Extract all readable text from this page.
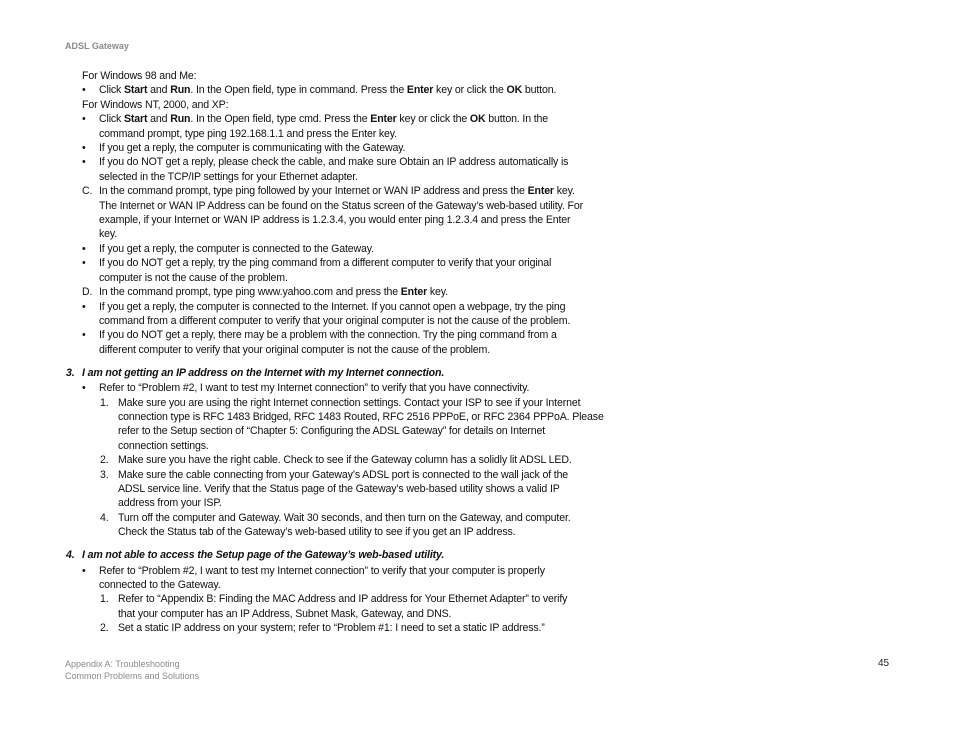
ADSL Gateway
For Windows 98 and Me:
• Click Start and Run. In the Open field, type in command. Press the Enter key or click the OK button.
For Windows NT, 2000, and XP:
• Click Start and Run. In the Open field, type cmd. Press the Enter key or click the OK button. In the
command prompt, type ping 192.168.1.1 and press the Enter key.
• If you get a reply, the computer is communicating with the Gateway.
• If you do NOT get a reply, please check the cable, and make sure Obtain an IP address automatically is
selected in the TCP/IP settings for your Ethernet adapter.
C. In the command prompt, type ping followed by your Internet or WAN IP address and press the Enter key.
The Internet or WAN IP Address can be found on the Status screen of the Gateway’s web-based utility. For
example, if your Internet or WAN IP address is 1.2.3.4, you would enter ping 1.2.3.4 and press the Enter
key.
• If you get a reply, the computer is connected to the Gateway.
• If you do NOT get a reply, try the ping command from a different computer to verify that your original
computer is not the cause of the problem.
D. In the command prompt, type ping www.yahoo.com and press the Enter key.
• If you get a reply, the computer is connected to the Internet. If you cannot open a webpage, try the ping
command from a different computer to verify that your original computer is not the cause of the problem.
• If you do NOT get a reply, there may be a problem with the connection. Try the ping command from a
different computer to verify that your original computer is not the cause of the problem.
3. I am not getting an IP address on the Internet with my Internet connection.
• Refer to “Problem #2, I want to test my Internet connection” to verify that you have connectivity.
1. Make sure you are using the right Internet connection settings. Contact your ISP to see if your Internet
connection type is RFC 1483 Bridged, RFC 1483 Routed, RFC 2516 PPPoE, or RFC 2364 PPPoA. Please
refer to the Setup section of “Chapter 5: Configuring the ADSL Gateway” for details on Internet
connection settings.
2. Make sure you have the right cable. Check to see if the Gateway column has a solidly lit ADSL LED.
3. Make sure the cable connecting from your Gateway’s ADSL port is connected to the wall jack of the
ADSL service line. Verify that the Status page of the Gateway’s web-based utility shows a valid IP
address from your ISP.
4. Turn off the computer and Gateway. Wait 30 seconds, and then turn on the Gateway, and computer.
Check the Status tab of the Gateway’s web-based utility to see if you get an IP address.
4. I am not able to access the Setup page of the Gateway’s web-based utility.
• Refer to “Problem #2, I want to test my Internet connection” to verify that your computer is properly
connected to the Gateway.
1. Refer to “Appendix B: Finding the MAC Address and IP address for Your Ethernet Adapter” to verify
that your computer has an IP Address, Subnet Mask, Gateway, and DNS.
2. Set a static IP address on your system; refer to “Problem #1: I need to set a static IP address.”
Appendix A: Troubleshooting
Common Problems and Solutions
45
